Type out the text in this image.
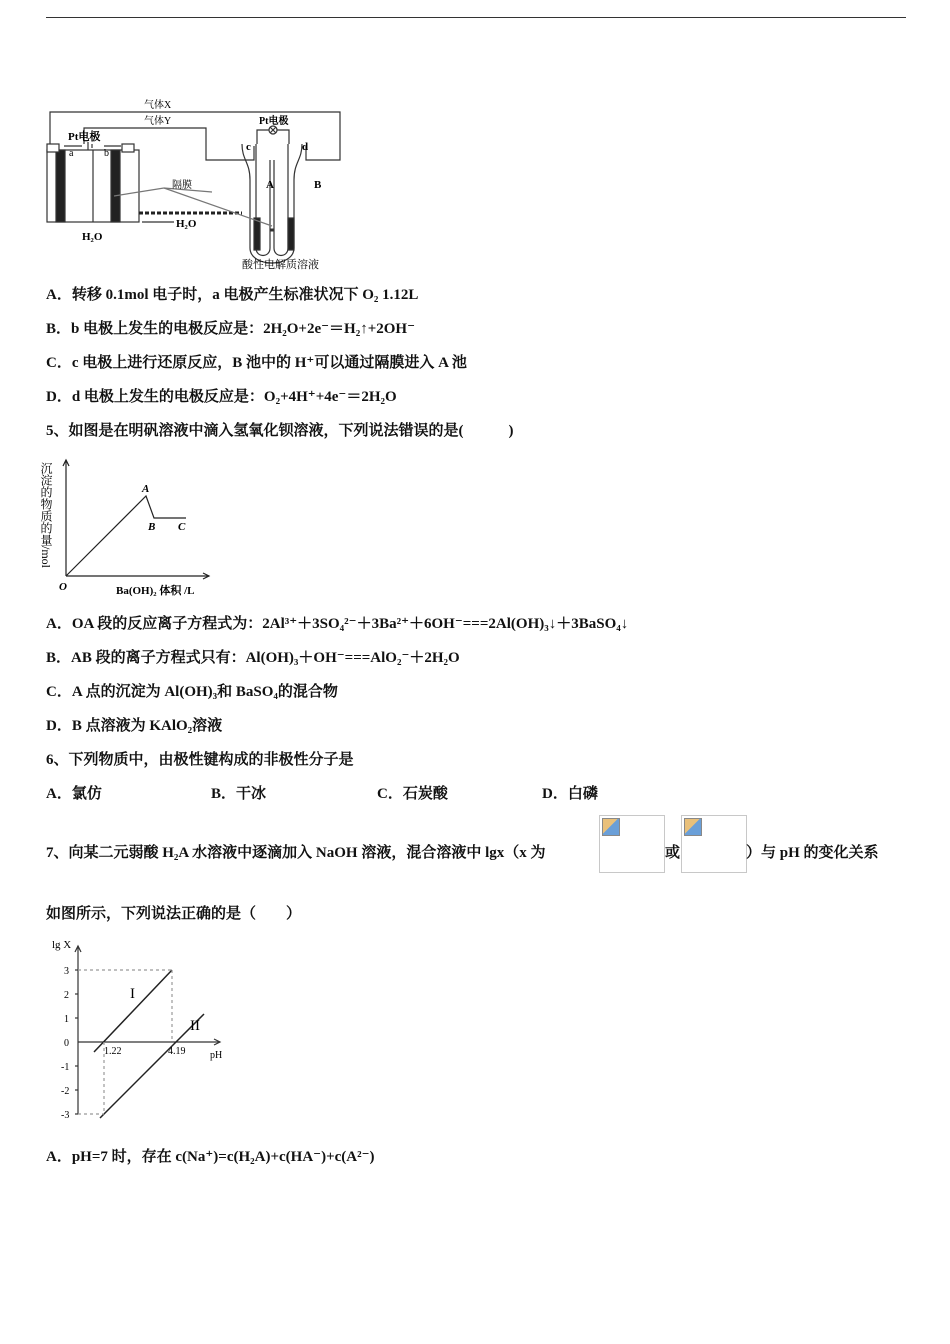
气体X
气体Y
Pt电极
Pt电极
a	b
c	d
A	B
隔膜
H₂O
H₂O
酸性电解质溶液
A．转移 0.1mol 电子时，a 电极产生标准状况下 O₂ 1.12L
B．b 电极上发生的电极反应是：2H₂O+2e⁻＝H₂↑+2OH⁻
C．c 电极上进行还原反应，B 池中的 H⁺可以通过隔膜进入 A 池
D．d 电极上发生的电极反应是：O₂+4H⁺+4e⁻＝2H₂O
5、如图是在明矾溶液中滴入氢氧化钡溶液，下列说法错误的是(　　　)
沉淀的物质的量/mol
O	Ba(OH)₂ 体积 /L
A
B C
A．OA 段的反应离子方程式为：2Al³⁺＋3SO₄²⁻＋3Ba²⁺＋6OH⁻===2Al(OH)₃↓＋3BaSO₄↓
B．AB 段的离子方程式只有：Al(OH)₃＋OH⁻===AlO₂⁻＋2H₂O
C．A 点的沉淀为 Al(OH)₃和 BaSO₄的混合物
D．B 点溶液为 KAlO₂溶液
6、下列物质中，由极性键构成的非极性分子是
A．氯仿	B．干冰	C．石炭酸	D．白磷
7、向某二元弱酸 H₂A 水溶液中逐滴加入 NaOH 溶液，混合溶液中 lgx（x 为	或	）与 pH 的变化关系
如图所示，下列说法正确的是（　　）
lg X
3
2
1
0
-1
-2
-3
1.22	4.19 pH
I
II
A．pH=7 时，存在 c(Na⁺)=c(H₂A)+c(HA⁻)+c(A²⁻)
